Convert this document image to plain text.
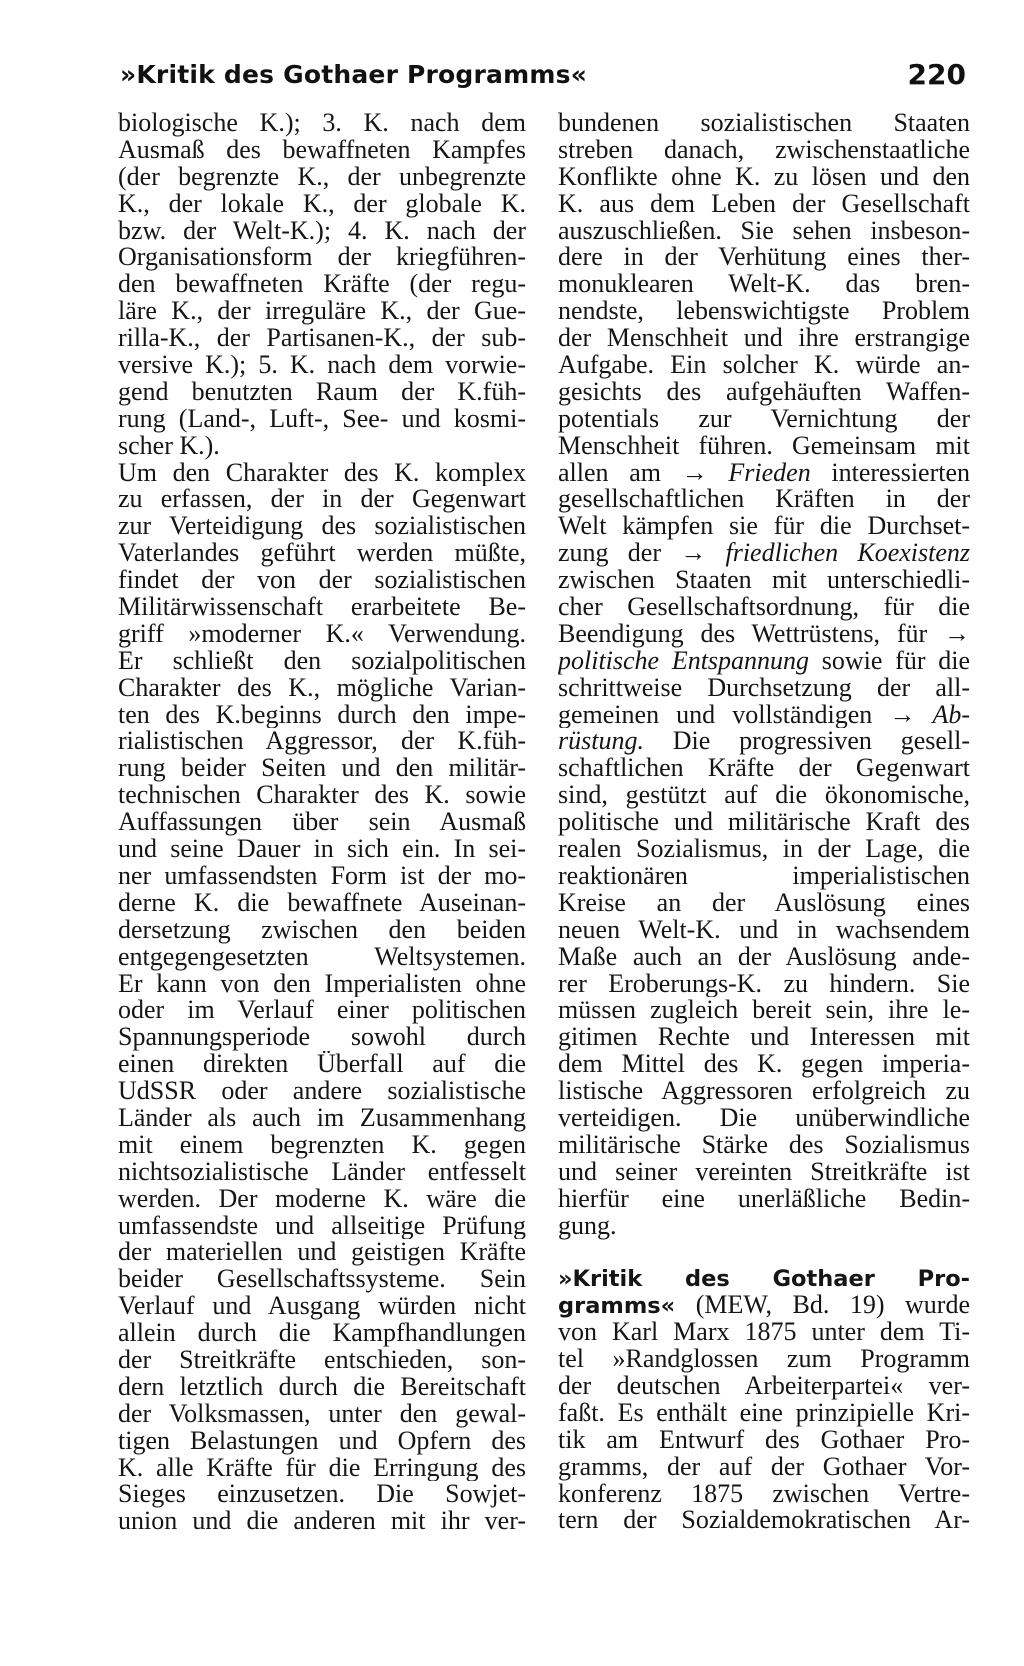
»Kritik des Gothaer Programms«	220
biologische K.); 3. K. nach dem
Ausmaß des bewaffneten Kampfes
(der begrenzte K., der unbegrenzte
K., der lokale K., der globale K.
bzw. der Welt-K.); 4. K. nach der
Organisationsform der kriegführen-
den bewaffneten Kräfte (der regu-
läre K., der irreguläre K., der Gue-
rilla-K., der Partisanen-K., der sub-
versive K.); 5. K. nach dem vorwie-
gend benutzten Raum der K.füh-
rung (Land-, Luft-, See- und kosmi-
scher K.).
Um den Charakter des K. komplex
zu erfassen, der in der Gegenwart
zur Verteidigung des sozialistischen
Vaterlandes geführt werden müßte,
findet der von der sozialistischen
Militärwissenschaft erarbeitete Be-
griff »moderner K.« Verwendung.
Er schließt den sozialpolitischen
Charakter des K., mögliche Varian-
ten des K.beginns durch den impe-
rialistischen Aggressor, der K.füh-
rung beider Seiten und den militär-
technischen Charakter des K. sowie
Auffassungen über sein Ausmaß
und seine Dauer in sich ein. In sei-
ner umfassendsten Form ist der mo-
derne K. die bewaffnete Auseinan-
dersetzung zwischen den beiden
entgegengesetzten Weltsystemen.
Er kann von den Imperialisten ohne
oder im Verlauf einer politischen
Spannungsperiode sowohl durch
einen direkten Überfall auf die
UdSSR oder andere sozialistische
Länder als auch im Zusammenhang
mit einem begrenzten K. gegen
nichtsozialistische Länder entfesselt
werden. Der moderne K. wäre die
umfassendste und allseitige Prüfung
der materiellen und geistigen Kräfte
beider Gesellschaftssysteme. Sein
Verlauf und Ausgang würden nicht
allein durch die Kampfhandlungen
der Streitkräfte entschieden, son-
dern letztlich durch die Bereitschaft
der Volksmassen, unter den gewal-
tigen Belastungen und Opfern des
K. alle Kräfte für die Erringung des
Sieges einzusetzen. Die Sowjet-
union und die anderen mit ihr ver-
bundenen sozialistischen Staaten
streben danach, zwischenstaatliche
Konflikte ohne K. zu lösen und den
K. aus dem Leben der Gesellschaft
auszuschließen. Sie sehen insbeson-
dere in der Verhütung eines ther-
monuklearen Welt-K. das bren-
nendste, lebenswichtigste Problem
der Menschheit und ihre erstrangige
Aufgabe. Ein solcher K. würde an-
gesichts des aufgehäuften Waffen-
potentials zur Vernichtung der
Menschheit führen. Gemeinsam mit
allen am → Frieden interessierten
gesellschaftlichen Kräften in der
Welt kämpfen sie für die Durchset-
zung der → friedlichen Koexistenz
zwischen Staaten mit unterschiedli-
cher Gesellschaftsordnung, für die
Beendigung des Wettrüstens, für →
politische Entspannung sowie für die
schrittweise Durchsetzung der all-
gemeinen und vollständigen → Ab-
rüstung. Die progressiven gesell-
schaftlichen Kräfte der Gegenwart
sind, gestützt auf die ökonomische,
politische und militärische Kraft des
realen Sozialismus, in der Lage, die
reaktionären imperialistischen
Kreise an der Auslösung eines
neuen Welt-K. und in wachsendem
Maße auch an der Auslösung ande-
rer Eroberungs-K. zu hindern. Sie
müssen zugleich bereit sein, ihre le-
gitimen Rechte und Interessen mit
dem Mittel des K. gegen imperia-
listische Aggressoren erfolgreich zu
verteidigen. Die unüberwindliche
militärische Stärke des Sozialismus
und seiner vereinten Streitkräfte ist
hierfür eine unerläßliche Bedin-
gung.
»Kritik des Gothaer Pro-
gramms« (MEW, Bd. 19) wurde
von Karl Marx 1875 unter dem Ti-
tel »Randglossen zum Programm
der deutschen Arbeiterpartei« ver-
faßt. Es enthält eine prinzipielle Kri-
tik am Entwurf des Gothaer Pro-
gramms, der auf der Gothaer Vor-
konferenz 1875 zwischen Vertre-
tern der Sozialdemokratischen Ar-
